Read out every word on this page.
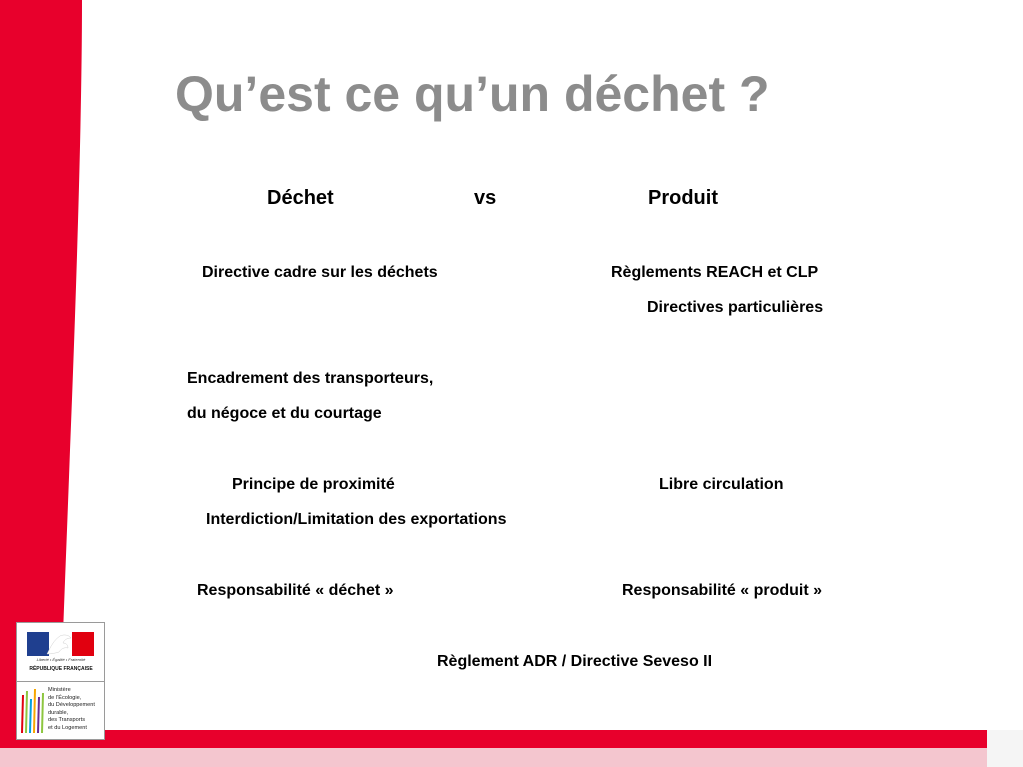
Qu’est ce qu’un déchet ?
Déchet	vs	Produit
Directive cadre sur les déchets	Règlements REACH et CLP
Directives particulières
Encadrement des transporteurs,
du négoce et du courtage
Principe de proximité	Libre circulation
Interdiction/Limitation des exportations
Responsabilité « déchet »	Responsabilité « produit »
Règlement ADR / Directive Seveso II
Liberté • Égalité • Fraternité
RÉPUBLIQUE FRANÇAISE
Ministère
de l’Écologie,
du Développement
durable,
des Transports
et du Logement
